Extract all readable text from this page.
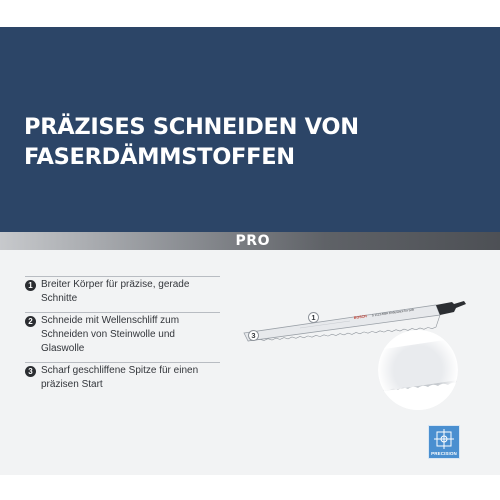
PRÄZISES SCHNEIDEN VON
FASERDÄMMSTOFFEN
PRO
1 Breiter Körper für präzise, gerade Schnitte
2 Schneide mit Wellenschliff zum Schneiden von Steinwolle und Glaswolle
3 Scharf geschliffene Spitze für einen präzisen Start
BOSCH S 1113 AWH Endurance for Soft
1
3
PRECISION
